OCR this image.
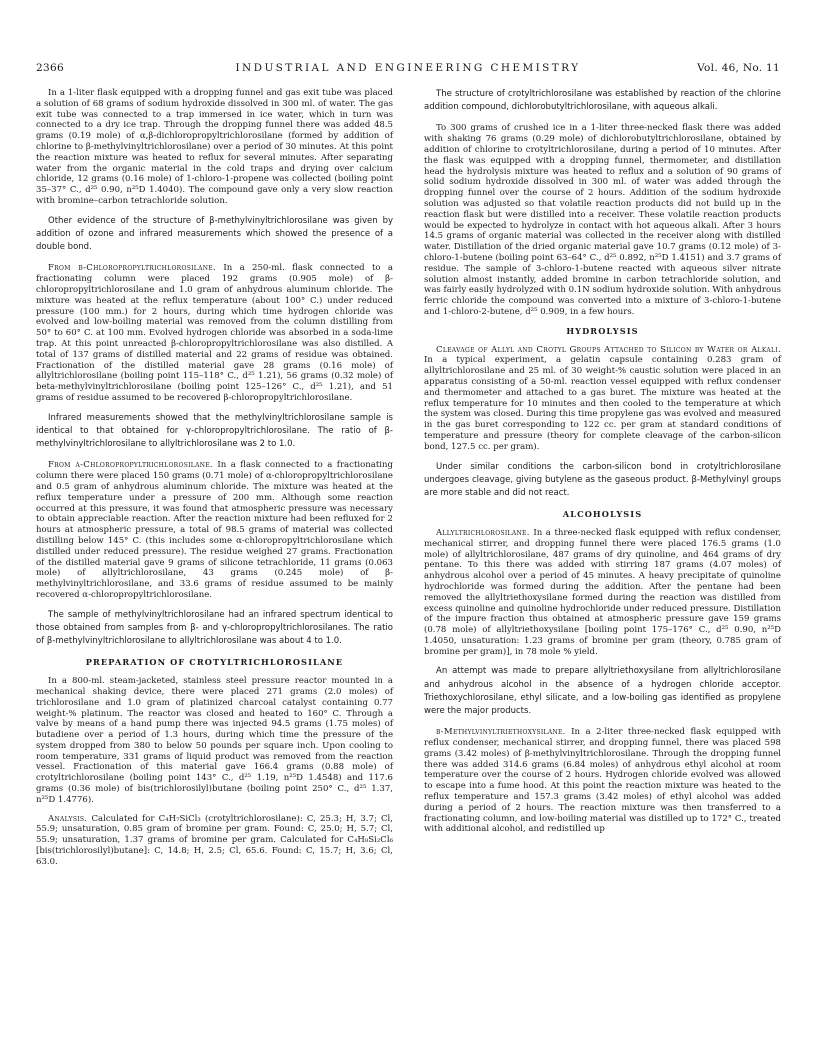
2366	INDUSTRIAL AND ENGINEERING CHEMISTRY	Vol. 46, No. 11

In a 1-liter flask equipped with a dropping funnel and gas exit tube was placed a solution of 68 grams of sodium hydroxide dissolved in 300 ml. of water. The gas exit tube was connected to a trap immersed in ice water, which in turn was connected to a dry ice trap. Through the dropping funnel there was added 48.5 grams (0.19 mole) of α,β-dichloropropyltrichlorosilane (formed by addition of chlorine to β-methylvinyltrichlorosilane) over a period of 30 minutes. At this point the reaction mixture was heated to reflux for several minutes. After separating water from the organic material in the cold traps and drying over calcium chloride, 12 grams (0.16 mole) of 1-chloro-1-propene was collected (boiling point 35–37° C., d²⁵ 0.90, n²⁵D 1.4040). The compound gave only a very slow reaction with bromine–carbon tetrachloride solution.

Other evidence of the structure of β-methylvinyltrichlorosilane was given by addition of ozone and infrared measurements which showed the presence of a double bond.

From β-Chloropropyltrichlorosilane. In a 250-ml. flask connected to a fractionating column were placed 192 grams (0.905 mole) of β-chloropropyltrichlorosilane and 1.0 gram of anhydrous aluminum chloride. The mixture was heated at the reflux temperature (about 100° C.) under reduced pressure (100 mm.) for 2 hours, during which time hydrogen chloride was evolved and low-boiling material was removed from the column distilling from 50° to 60° C. at 100 mm. Evolved hydrogen chloride was absorbed in a soda-lime trap. At this point unreacted β-chloropropyltrichlorosilane was also distilled. A total of 137 grams of distilled material and 22 grams of residue was obtained. Fractionation of the distilled material gave 28 grams (0.16 mole) of allyltrichlorosilane (boiling point 115–118° C., d²⁵ 1.21), 56 grams (0.32 mole) of beta-methylvinyltrichlorosilane (boiling point 125–126° C., d²⁵ 1.21), and 51 grams of residue assumed to be recovered β-chloropropyltrichlorosilane.

Infrared measurements showed that the methylvinyltrichlorosilane sample is identical to that obtained for γ-chloropropyltrichlorosilane. The ratio of β-methylvinyltrichlorosilane to allyltrichlorosilane was 2 to 1.0.

From α-Chloropropyltrichlorosilane. In a flask connected to a fractionating column there were placed 150 grams (0.71 mole) of α-chloropropyltrichlorosilane and 0.5 gram of anhydrous aluminum chloride. The mixture was heated at the reflux temperature under a pressure of 200 mm. Although some reaction occurred at this pressure, it was found that atmospheric pressure was necessary to obtain appreciable reaction. After the reaction mixture had been refluxed for 2 hours at atmospheric pressure, a total of 98.5 grams of material was collected distilling below 145° C. (this includes some α-chloropropyltrichlorosilane which distilled under reduced pressure). The residue weighed 27 grams. Fractionation of the distilled material gave 9 grams of silicone tetrachloride, 11 grams (0.063 mole) of allyltrichlorosilane, 43 grams (0.245 mole) of β-methylvinyltrichlorosilane, and 33.6 grams of residue assumed to be mainly recovered α-chloropropyltrichlorosilane.

The sample of methylvinyltrichlorosilane had an infrared spectrum identical to those obtained from samples from β- and γ-chloropropyltrichlorosilanes. The ratio of β-methylvinyltrichlorosilane to allyltrichlorosilane was about 4 to 1.0.

PREPARATION OF CROTYLTRICHLOROSILANE

In a 800-ml. steam-jacketed, stainless steel pressure reactor mounted in a mechanical shaking device, there were placed 271 grams (2.0 moles) of trichlorosilane and 1.0 gram of platinized charcoal catalyst containing 0.77 weight-% platinum. The reactor was closed and heated to 160° C. Through a valve by means of a hand pump there was injected 94.5 grams (1.75 moles) of butadiene over a period of 1.3 hours, during which time the pressure of the system dropped from 380 to below 50 pounds per square inch. Upon cooling to room temperature, 331 grams of liquid product was removed from the reaction vessel. Fractionation of this material gave 166.4 grams (0.88 mole) of crotyltrichlorosilane (boiling point 143° C., d²⁵ 1.19, n²⁵D 1.4548) and 117.6 grams (0.36 mole) of bis(trichlorosilyl)butane (boiling point 250° C., d²⁵ 1.37, n²⁵D 1.4776).

Analysis. Calculated for C₄H₇SiCl₃ (crotyltrichlorosilane): C, 25.3; H, 3.7; Cl, 55.9; unsaturation, 0.85 gram of bromine per gram. Found: C, 25.0; H, 5.7; Cl, 55.9; unsaturation, 1.37 grams of bromine per gram. Calculated for C₄H₈Si₂Cl₆ [bis(trichlorosilyl)butane]: C, 14.8; H, 2.5; Cl, 65.6. Found: C, 15.7; H, 3.6; Cl, 63.0.

The structure of crotyltrichlorosilane was established by reaction of the chlorine addition compound, dichlorobutyltrichlorosilane, with aqueous alkali.

To 300 grams of crushed ice in a 1-liter three-necked flask there was added with shaking 76 grams (0.29 mole) of dichlorobutyltrichlorosilane, obtained by addition of chlorine to crotyltrichlorosilane, during a period of 10 minutes. After the flask was equipped with a dropping funnel, thermometer, and distillation head the hydrolysis mixture was heated to reflux and a solution of 90 grams of solid sodium hydroxide dissolved in 300 ml. of water was added through the dropping funnel over the course of 2 hours. Addition of the sodium hydroxide solution was adjusted so that volatile reaction products did not build up in the reaction flask but were distilled into a receiver. These volatile reaction products would be expected to hydrolyze in contact with hot aqueous alkali. After 3 hours 14.5 grams of organic material was collected in the receiver along with distilled water. Distillation of the dried organic material gave 10.7 grams (0.12 mole) of 3-chloro-1-butene (boiling point 63–64° C., d²⁵ 0.892, n²⁵D 1.4151) and 3.7 grams of residue. The sample of 3-chloro-1-butene reacted with aqueous silver nitrate solution almost instantly, added bromine in carbon tetrachloride solution, and was fairly easily hydrolyzed with 0.1N sodium hydroxide solution. With anhydrous ferric chloride the compound was converted into a mixture of 3-chloro-1-butene and 1-chloro-2-butene, d²⁵ 0.909, in a few hours.

HYDROLYSIS

Cleavage of Allyl and Crotyl Groups Attached to Silicon by Water or Alkali. In a typical experiment, a gelatin capsule containing 0.283 gram of allyltrichlorosilane and 25 ml. of 30 weight-% caustic solution were placed in an apparatus consisting of a 50-ml. reaction vessel equipped with reflux condenser and thermometer and attached to a gas buret. The mixture was heated at the reflux temperature for 10 minutes and then cooled to the temperature at which the system was closed. During this time propylene gas was evolved and measured in the gas buret corresponding to 122 cc. per gram at standard conditions of temperature and pressure (theory for complete cleavage of the carbon-silicon bond, 127.5 cc. per gram).

Under similar conditions the carbon-silicon bond in crotyltrichlorosilane undergoes cleavage, giving butylene as the gaseous product. β-Methylvinyl groups are more stable and did not react.

ALCOHOLYSIS

Allyltrichlorosilane. In a three-necked flask equipped with reflux condenser, mechanical stirrer, and dropping funnel there were placed 176.5 grams (1.0 mole) of allyltrichlorosilane, 487 grams of dry quinoline, and 464 grams of dry pentane. To this there was added with stirring 187 grams (4.07 moles) of anhydrous alcohol over a period of 45 minutes. A heavy precipitate of quinoline hydrochloride was formed during the addition. After the pentane had been removed the allyltriethoxysilane formed during the reaction was distilled from excess quinoline and quinoline hydrochloride under reduced pressure. Distillation of the impure fraction thus obtained at atmospheric pressure gave 159 grams (0.78 mole) of allyltriethoxysilane [boiling point 175–176° C., d²⁵ 0.90, n²⁵D 1.4050, unsaturation: 1.23 grams of bromine per gram (theory, 0.785 gram of bromine per gram)], in 78 mole % yield.

An attempt was made to prepare allyltriethoxysilane from allyltrichlorosilane and anhydrous alcohol in the absence of a hydrogen chloride acceptor. Triethoxychlorosilane, ethyl silicate, and a low-boiling gas identified as propylene were the major products.

β-Methylvinyltriethoxysilane. In a 2-liter three-necked flask equipped with reflux condenser, mechanical stirrer, and dropping funnel, there was placed 598 grams (3.42 moles) of β-methylvinyltrichlorosilane. Through the dropping funnel there was added 314.6 grams (6.84 moles) of anhydrous ethyl alcohol at room temperature over the course of 2 hours. Hydrogen chloride evolved was allowed to escape into a fume hood. At this point the reaction mixture was heated to the reflux temperature and 157.3 grams (3.42 moles) of ethyl alcohol was added during a period of 2 hours. The reaction mixture was then transferred to a fractionating column, and low-boiling material was distilled up to 172° C., treated with additional alcohol, and redistilled up
